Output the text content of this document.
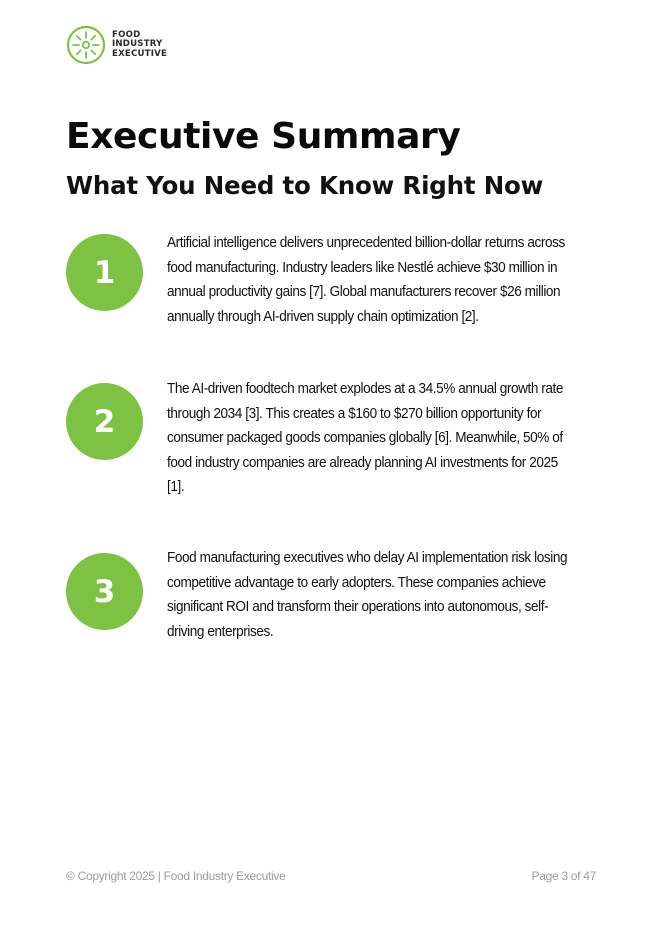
FOOD
INDUSTRY
EXECUTIVE
Executive Summary
What You Need to Know Right Now
1

Artificial intelligence delivers unprecedented billion-dollar returns across food manufacturing. Industry leaders like Nestlé achieve $30 million in annual productivity gains [7]. Global manufacturers recover $26 million annually through AI-driven supply chain optimization [2].

2

The AI-driven foodtech market explodes at a 34.5% annual growth rate through 2034 [3]. This creates a $160 to $270 billion opportunity for consumer packaged goods companies globally [6]. Meanwhile, 50% of food industry companies are already planning AI investments for 2025 [1].

3

Food manufacturing executives who delay AI implementation risk losing competitive advantage to early adopters. These companies achieve significant ROI and transform their operations into autonomous, self-driving enterprises.

© Copyright 2025 | Food Industry Executive	Page 3 of 47
